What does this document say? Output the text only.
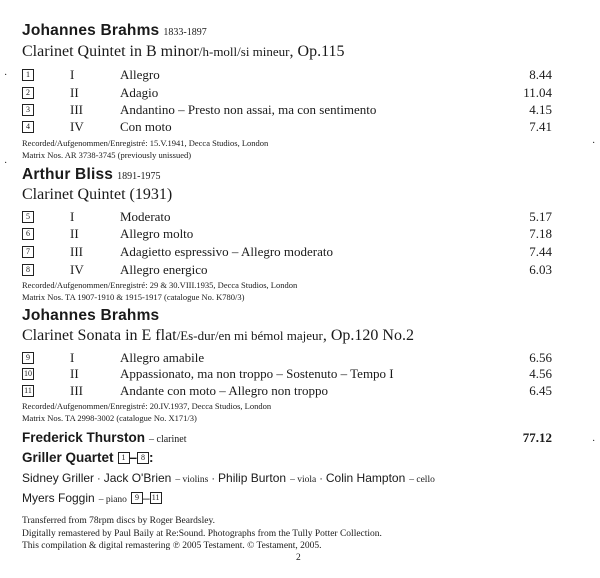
Johannes Brahms 1833-1897
Clarinet Quintet in B minor/h-moll/si mineur, Op.115
1	I	Allegro	8.44
2	II	Adagio	11.04
3	III	Andantino – Presto non assai, ma con sentimento	4.15
4	IV	Con moto	7.41
Recorded/Aufgenommen/Enregistré: 15.V.1941, Decca Studios, London
Matrix Nos. AR 3738-3745 (previously unissued)
Arthur Bliss 1891-1975
Clarinet Quintet (1931)
5	I	Moderato	5.17
6	II	Allegro molto	7.18
7	III	Adagietto espressivo – Allegro moderato	7.44
8	IV	Allegro energico	6.03
Recorded/Aufgenommen/Enregistré: 29 & 30.VIII.1935, Decca Studios, London
Matrix Nos. TA 1907-1910 & 1915-1917 (catalogue No. K780/3)
Johannes Brahms
Clarinet Sonata in E flat/Es-dur/en mi bémol majeur, Op.120 No.2
9	I	Allegro amabile	6.56
10	II	Appassionato, ma non troppo – Sostenuto – Tempo I	4.56
11	III	Andante con moto – Allegro non troppo	6.45
Recorded/Aufgenommen/Enregistré: 20.IV.1937, Decca Studios, London
Matrix Nos. TA 2998-3002 (catalogue No. X171/3)
Frederick Thurston – clarinet	77.12
Griller Quartet 1 – 8 :
Sidney Griller · Jack O'Brien – violins · Philip Burton – viola · Colin Hampton – cello
Myers Foggin – piano 9 – 11
Transferred from 78rpm discs by Roger Beardsley.
Digitally remastered by Paul Baily at Re:Sound. Photographs from the Tully Potter Collection.
This compilation & digital remastering ℗ 2005 Testament. © Testament, 2005.
2
·
·
·
·
